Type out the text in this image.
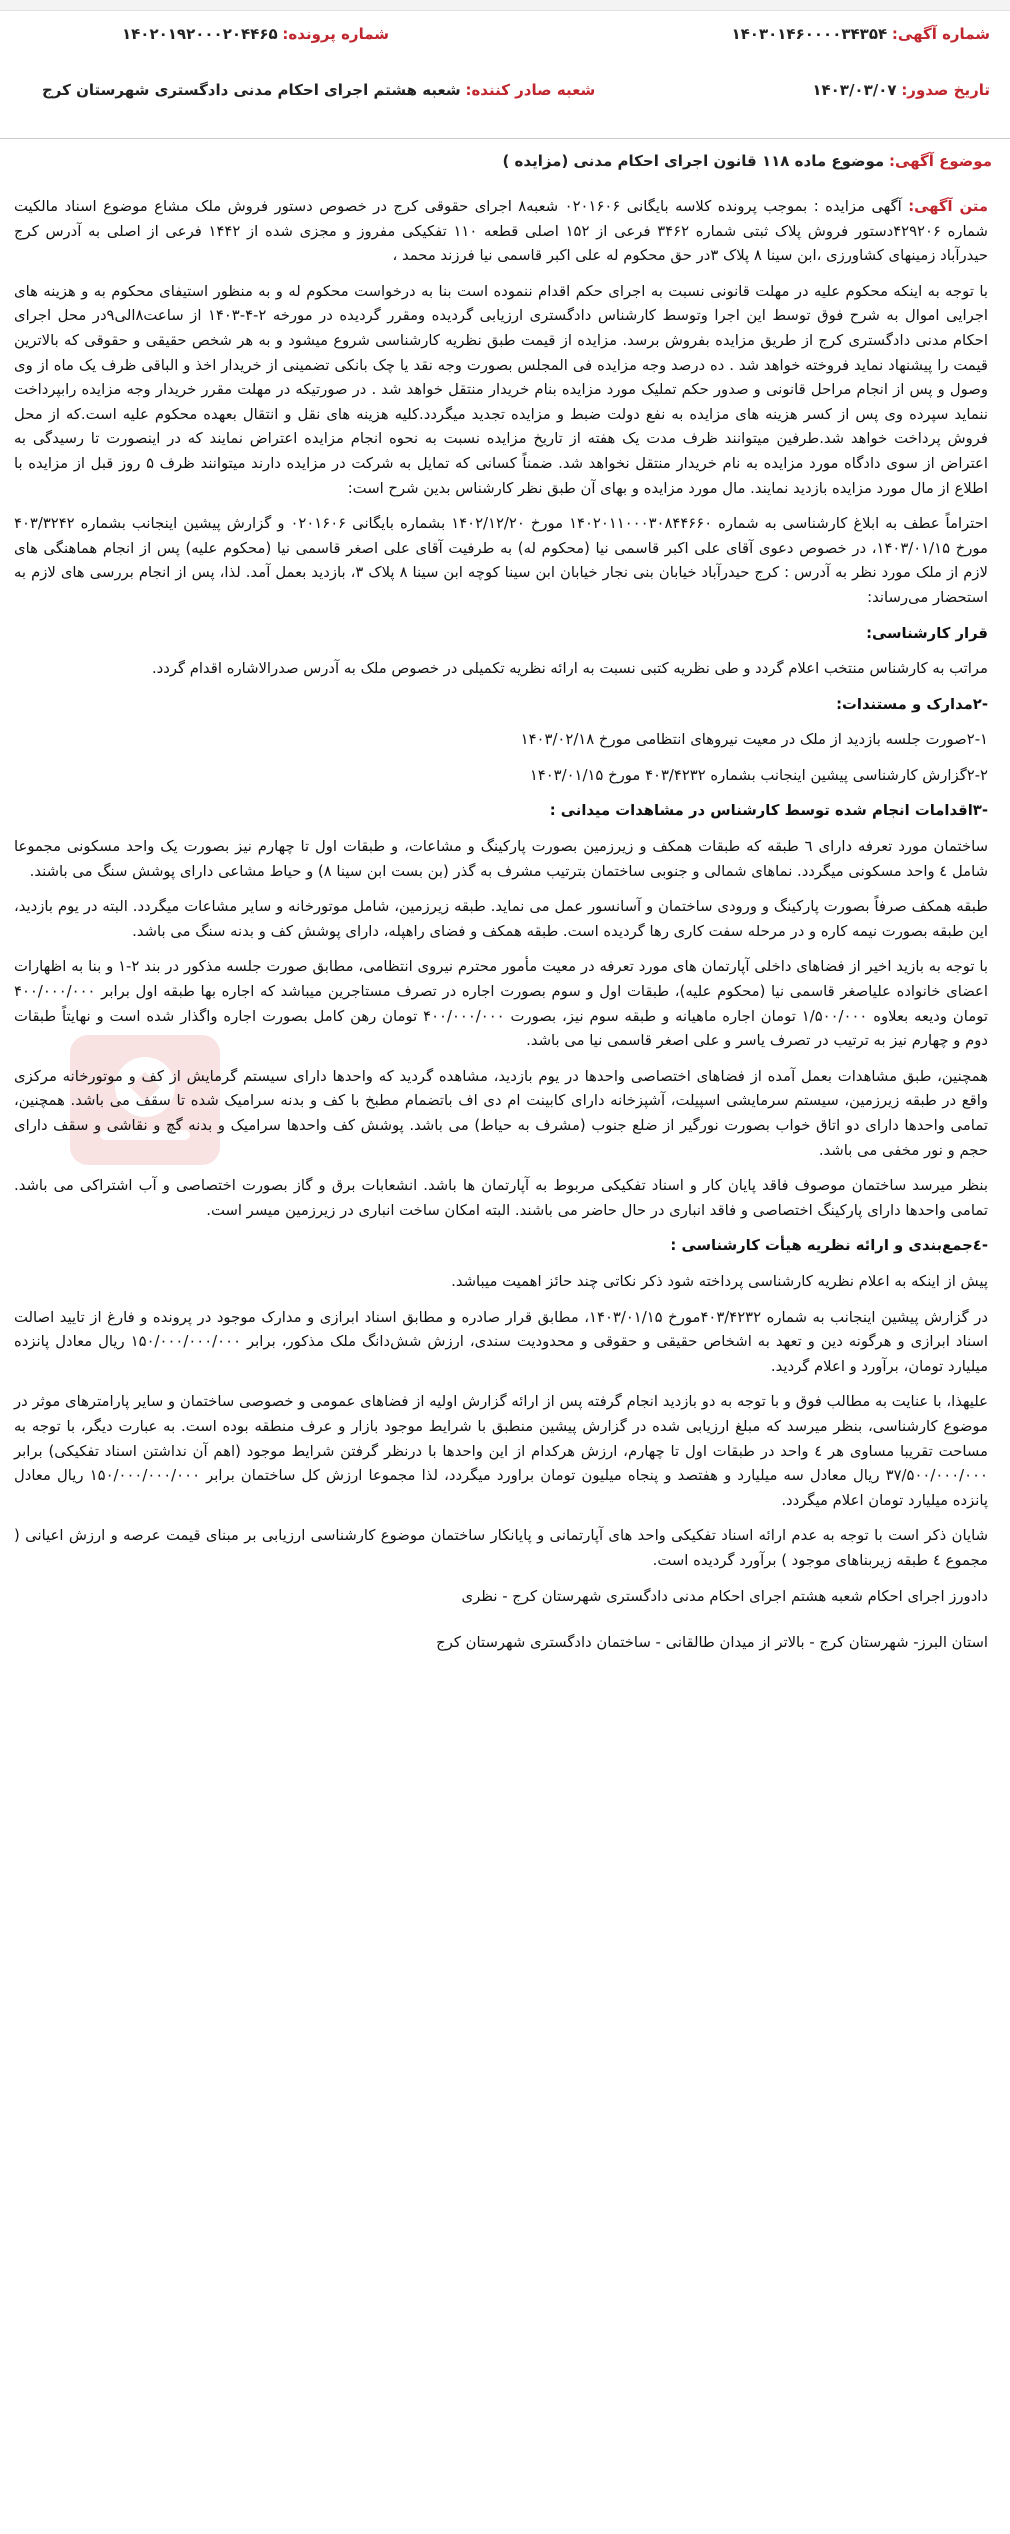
شماره آگهی: ۱۴۰۳۰۱۴۶۰۰۰۰۳۴۳۵۴
شماره پرونده: ۱۴۰۲۰۱۹۲۰۰۰۲۰۴۴۶۵
تاریخ صدور: ۱۴۰۳/۰۳/۰۷
شعبه صادر کننده: شعبه هشتم اجرای احکام مدنی دادگستری شهرستان کرج
موضوع آگهی: موضوع ماده ۱۱۸ قانون اجرای احکام مدنی (مزایده )

متن آگهی: آگهی مزایده : بموجب پرونده کلاسه بایگانی ۰۲۰۱۶۰۶ شعبه۸ اجرای حقوقی کرج در خصوص دستور فروش ملک مشاع موضوع اسناد مالکیت شماره ۴۲۹۲۰۶دستور فروش پلاک ثبتی شماره ۳۴۶۲ فرعی از ۱۵۲ اصلی قطعه ۱۱۰ تفکیکی مفروز و مجزی شده از ۱۴۴۲ فرعی از اصلی به آدرس کرج حیدرآباد زمینهای کشاورزی ،ابن سینا ۸ پلاک ۳در حق محکوم له علی اکبر قاسمی نیا فرزند محمد ،

با توجه به اینکه محکوم علیه در مهلت قانونی نسبت به اجرای حکم اقدام ننموده است بنا به درخواست محکوم له و به منظور استیفای محکوم به و هزینه های اجرایی اموال به شرح فوق توسط این اجرا وتوسط کارشناس دادگستری ارزیابی گردیده ومقرر گردیده در مورخه ۲-۴-۱۴۰۳ از ساعت۸الی۹در محل اجرای احکام مدنی دادگستری کرج از طریق مزایده بفروش برسد. مزایده از قیمت طبق نظریه کارشناسی شروع میشود و به هر شخص حقیقی و حقوقی که بالاترین قیمت را پیشنهاد نماید فروخته خواهد شد . ده درصد وجه مزایده فی المجلس بصورت وجه نقد یا چک بانکی تضمینی از خریدار اخذ و الباقی ظرف یک ماه از وی وصول و پس از انجام مراحل قانونی و صدور حکم تملیک مورد مزایده بنام خریدار منتقل خواهد شد . در صورتیکه در مهلت مقرر خریدار وجه مزایده رابپرداخت ننماید سپرده وی پس از کسر هزینه های مزایده به نفع دولت ضبط و مزایده تجدید میگردد.کلیه هزینه های نقل و انتقال بعهده محکوم علیه است.که از محل فروش پرداخت خواهد شد.طرفین میتوانند ظرف مدت یک هفته از تاریخ مزایده نسبت به نحوه انجام مزایده اعتراض نمایند که در اینصورت تا رسیدگی به اعتراض از سوی دادگاه مورد مزایده به نام خریدار منتقل نخواهد شد. ضمناً کسانی که تمایل به شرکت در مزایده دارند میتوانند ظرف ۵ روز قبل از مزایده با اطلاع از مال مورد مزایده بازدید نمایند. مال مورد مزایده و بهای آن طبق نظر کارشناس بدین شرح است:

احتراماً عطف به ابلاغ کارشناسی به شماره ۱۴۰۲۰۱۱۰۰۰۳۰۸۴۴۶۶۰ مورخ ۱۴۰۲/۱۲/۲۰ بشماره بایگانی ۰۲۰۱۶۰۶ و گزارش پیشین اینجانب بشماره ۴۰۳/۳۲۴۲ مورخ ۱۴۰۳/۰۱/۱۵، در خصوص دعوی آقای علی اکبر قاسمی نیا (محکوم له) به طرفیت آقای علی اصغر قاسمی نیا (محکوم علیه) پس از انجام هماهنگی های لازم از ملک مورد نظر به آدرس : کرج حیدرآباد خیابان بنی نجار خیابان ابن سینا کوچه ابن سینا ۸ پلاک ۳، بازدید بعمل آمد. لذا، پس از انجام بررسی های لازم به استحضار می‌رساند:

قرار کارشناسی:

مراتب به کارشناس منتخب اعلام گردد و طی نظریه کتبی نسبت به ارائه نظریه تکمیلی در خصوص ملک به آدرس صدرالاشاره اقدام گردد.

-۲مدارک و مستندات:

۲-۱صورت جلسه بازدید از ملک در معیت نیروهای انتظامی مورخ ۱۴۰۳/۰۲/۱۸

۲-۲گزارش کارشناسی پیشین اینجانب بشماره ۴۰۳/۴۲۳۲ مورخ ۱۴۰۳/۰۱/۱۵

-۳اقدامات انجام شده توسط کارشناس در مشاهدات میدانی :

ساختمان مورد تعرفه دارای ٦ طبقه که طبقات همکف و زیرزمین بصورت پارکینگ و مشاعات، و طبقات اول تا چهارم نیز بصورت یک واحد مسکونی مجموعا شامل ٤ واحد مسکونی میگردد. نماهای شمالی و جنوبی ساختمان بترتیب مشرف به گذر (بن بست ابن سینا ۸) و حیاط مشاعی دارای پوشش سنگ می باشند.

طبقه همکف صرفاً بصورت پارکینگ و ورودی ساختمان و آسانسور عمل می نماید. طبقه زیرزمین، شامل موتورخانه و سایر مشاعات میگردد. البته در یوم بازدید، این طبقه بصورت نیمه کاره و در مرحله سفت کاری رها گردیده است. طبقه همکف و فضای راهپله، دارای پوشش کف و بدنه سنگ می باشد.

با توجه به بازید اخیر از فضاهای داخلی آپارتمان های مورد تعرفه در معیت مأمور محترم نیروی انتظامی، مطابق صورت جلسه مذکور در بند ۲-۱ و بنا به اظهارات اعضای خانواده علیاصغر قاسمی نیا (محکوم علیه)، طبقات اول و سوم بصورت اجاره در تصرف مستاجرین میباشد که اجاره بها طبقه اول برابر ۴۰۰/۰۰۰/۰۰۰ تومان ودیعه بعلاوه ۱/۵۰۰/۰۰۰ تومان اجاره ماهیانه و طبقه سوم نیز، بصورت ۴۰۰/۰۰۰/۰۰۰ تومان رهن کامل بصورت اجاره واگذار شده است و نهایتاً طبقات دوم و چهارم نیز به ترتیب در تصرف یاسر و علی اصغر قاسمی نیا می باشد.

همچنین، طبق مشاهدات بعمل آمده از فضاهای اختصاصی واحدها در یوم بازدید، مشاهده گردید که واحدها دارای سیستم گرمایش از کف و موتورخانه مرکزی واقع در طبقه زیرزمین، سیستم سرمایشی اسپیلت، آشپزخانه دارای کابینت ام دی اف باتضمام مطبخ با کف و بدنه سرامیک شده تا سقف می باشد. همچنین، تمامی واحدها دارای دو اتاق خواب بصورت نورگیر از ضلع جنوب (مشرف به حیاط) می باشد. پوشش کف واحدها سرامیک و بدنه گچ و نقاشی و سقف دارای حجم و نور مخفی می باشد.

بنظر میرسد ساختمان موصوف فاقد پایان کار و اسناد تفکیکی مربوط به آپارتمان ها باشد. انشعابات برق و گاز بصورت اختصاصی و آب اشتراکی می باشد. تمامی واحدها دارای پارکینگ اختصاصی و فاقد انباری در حال حاضر می باشند. البته امکان ساخت انباری در زیرزمین میسر است.

-٤جمع‌بندی و ارائه نظریه هیأت کارشناسی :

پیش از اینکه به اعلام نظریه کارشناسی پرداخته شود ذکر نکاتی چند حائز اهمیت میباشد.

در گزارش پیشین اینجانب به شماره ۴۰۳/۴۲۳۲مورخ ۱۴۰۳/۰۱/۱۵، مطابق قرار صادره و مطابق اسناد ابرازی و مدارک موجود در پرونده و فارغ از تایید اصالت اسناد ابرازی و هرگونه دین و تعهد به اشخاص حقیقی و حقوقی و محدودیت سندی، ارزش شش‌دانگ ملک مذکور، برابر ۱۵۰/۰۰۰/۰۰۰/۰۰۰ ریال معادل پانزده میلیارد تومان، برآورد و اعلام گردید.

علیهذا، با عنایت به مطالب فوق و با توجه به دو بازدید انجام گرفته پس از ارائه گزارش اولیه از فضاهای عمومی و خصوصی ساختمان و سایر پارامترهای موثر در موضوع کارشناسی، بنظر میرسد که مبلغ ارزیابی شده در گزارش پیشین منطبق با شرایط موجود بازار و عرف منطقه بوده است. به عبارت دیگر، با توجه به مساحت تقریبا مساوی هر ٤ واحد در طبقات اول تا چهارم، ارزش هرکدام از این واحدها با درنظر گرفتن شرایط موجود (اهم آن نداشتن اسناد تفکیکی) برابر ۳۷/۵۰۰/۰۰۰/۰۰۰ ریال معادل سه میلیارد و هفتصد و پنجاه میلیون تومان براورد میگردد، لذا مجموعا ارزش کل ساختمان برابر ۱۵۰/۰۰۰/۰۰۰/۰۰۰ ریال معادل پانزده میلیارد تومان اعلام میگردد.

شایان ذکر است با توجه به عدم ارائه اسناد تفکیکی واحد های آپارتمانی و پایانکار ساختمان موضوع کارشناسی ارزیابی بر مبنای قیمت عرصه و ارزش اعیانی ( مجموع ٤ طبقه زیربناهای موجود ) برآورد گردیده است.

دادورز اجرای احکام شعبه هشتم اجرای احکام مدنی دادگستری شهرستان کرج - نظری

استان البرز- شهرستان کرج - بالاتر از میدان طالقانی - ساختمان دادگستری شهرستان کرج
